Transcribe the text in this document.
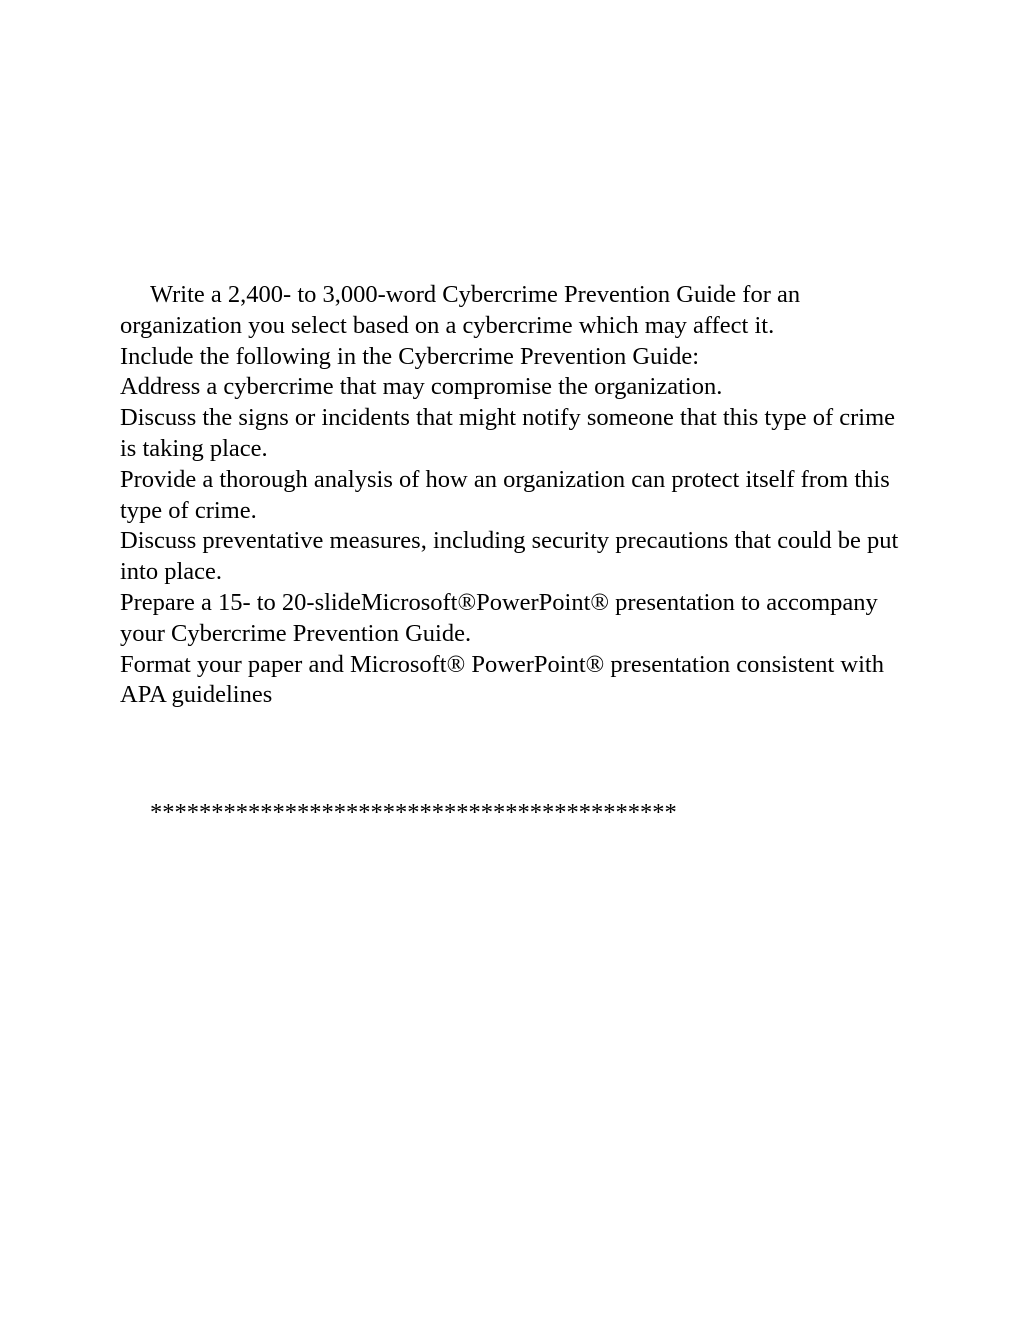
Write a 2,400- to 3,000-word Cybercrime Prevention Guide for an organization you select based on a cybercrime which may affect it.

Include the following in the Cybercrime Prevention Guide:

Address a cybercrime that may compromise the organization.

Discuss the signs or incidents that might notify someone that this type of crime is taking place.

Provide a thorough analysis of how an organization can protect itself from this type of crime.

Discuss preventative measures, including security precautions that could be put into place.

Prepare a 15- to 20-slideMicrosoft®PowerPoint® presentation to accompany your Cybercrime Prevention Guide.

Format your paper and Microsoft® PowerPoint® presentation consistent with APA guidelines

*******************************************
